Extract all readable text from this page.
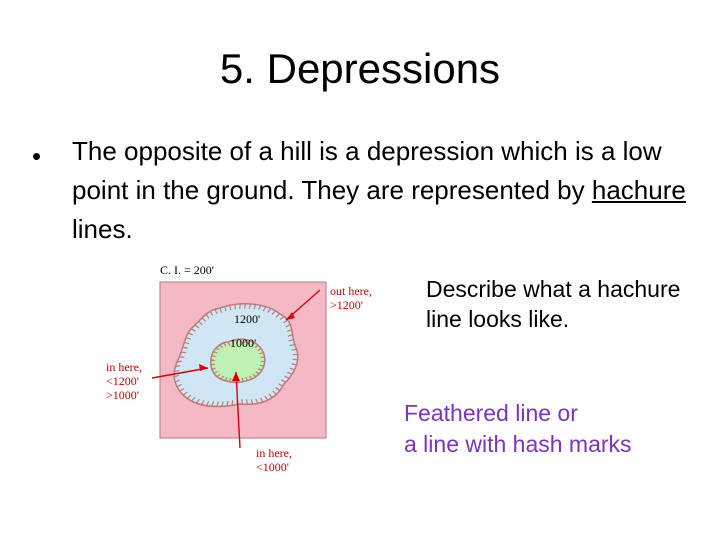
5. Depressions
• The opposite of a hill is a depression which is a low point in the ground. They are represented by hachure lines.
C. I. = 200'
1200'
1000'
out here,
>1200'
in here,
<1200'
>1000'
in here,
<1000'
Describe what a hachure line looks like.
Feathered line or
a line with hash marks
